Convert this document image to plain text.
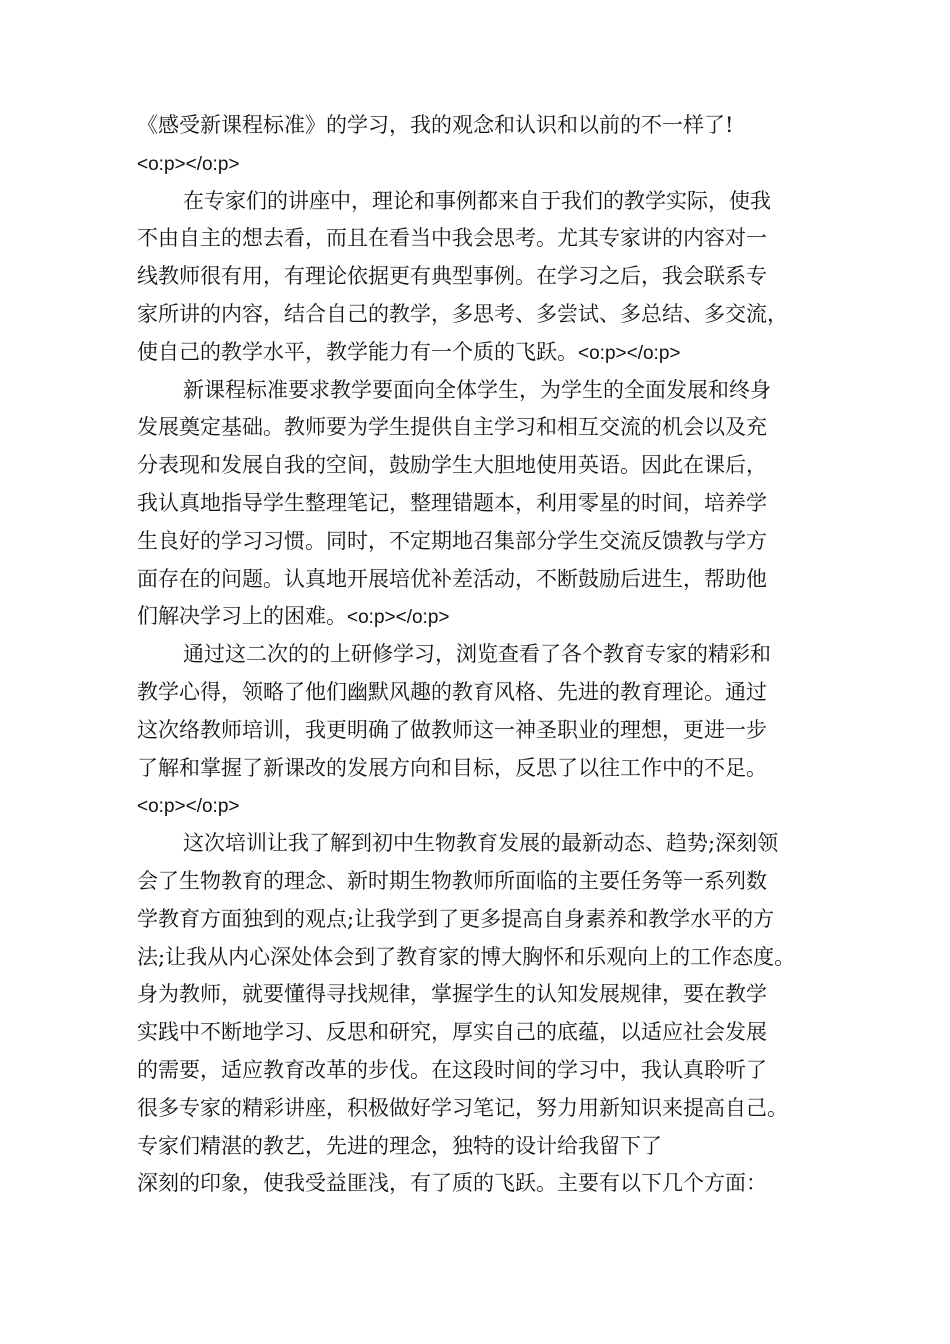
《感受新课程标准》的学习，我的观念和认识和以前的不一样了!
<o:p></o:p>
在专家们的讲座中，理论和事例都来自于我们的教学实际，使我
不由自主的想去看，而且在看当中我会思考。尤其专家讲的内容对一
线教师很有用，有理论依据更有典型事例。在学习之后，我会联系专
家所讲的内容，结合自己的教学，多思考、多尝试、多总结、多交流，
使自己的教学水平，教学能力有一个质的飞跃。<o:p></o:p>
新课程标准要求教学要面向全体学生，为学生的全面发展和终身
发展奠定基础。教师要为学生提供自主学习和相互交流的机会以及充
分表现和发展自我的空间，鼓励学生大胆地使用英语。因此在课后，
我认真地指导学生整理笔记，整理错题本，利用零星的时间，培养学
生良好的学习习惯。同时，不定期地召集部分学生交流反馈教与学方
面存在的问题。认真地开展培优补差活动，不断鼓励后进生，帮助他
们解决学习上的困难。<o:p></o:p>
通过这二次的的上研修学习，浏览查看了各个教育专家的精彩和
教学心得，领略了他们幽默风趣的教育风格、先进的教育理论。通过
这次络教师培训，我更明确了做教师这一神圣职业的理想，更进一步
了解和掌握了新课改的发展方向和目标，反思了以往工作中的不足。
<o:p></o:p>
这次培训让我了解到初中生物教育发展的最新动态、趋势;深刻领
会了生物教育的理念、新时期生物教师所面临的主要任务等一系列数
学教育方面独到的观点;让我学到了更多提高自身素养和教学水平的方
法;让我从内心深处体会到了教育家的博大胸怀和乐观向上的工作态度。
身为教师，就要懂得寻找规律，掌握学生的认知发展规律，要在教学
实践中不断地学习、反思和研究，厚实自己的底蕴，以适应社会发展
的需要，适应教育改革的步伐。在这段时间的学习中，我认真聆听了
很多专家的精彩讲座，积极做好学习笔记，努力用新知识来提高自己。
专家们精湛的教艺，先进的理念，独特的设计给我留下了
深刻的印象，使我受益匪浅，有了质的飞跃。主要有以下几个方面：
